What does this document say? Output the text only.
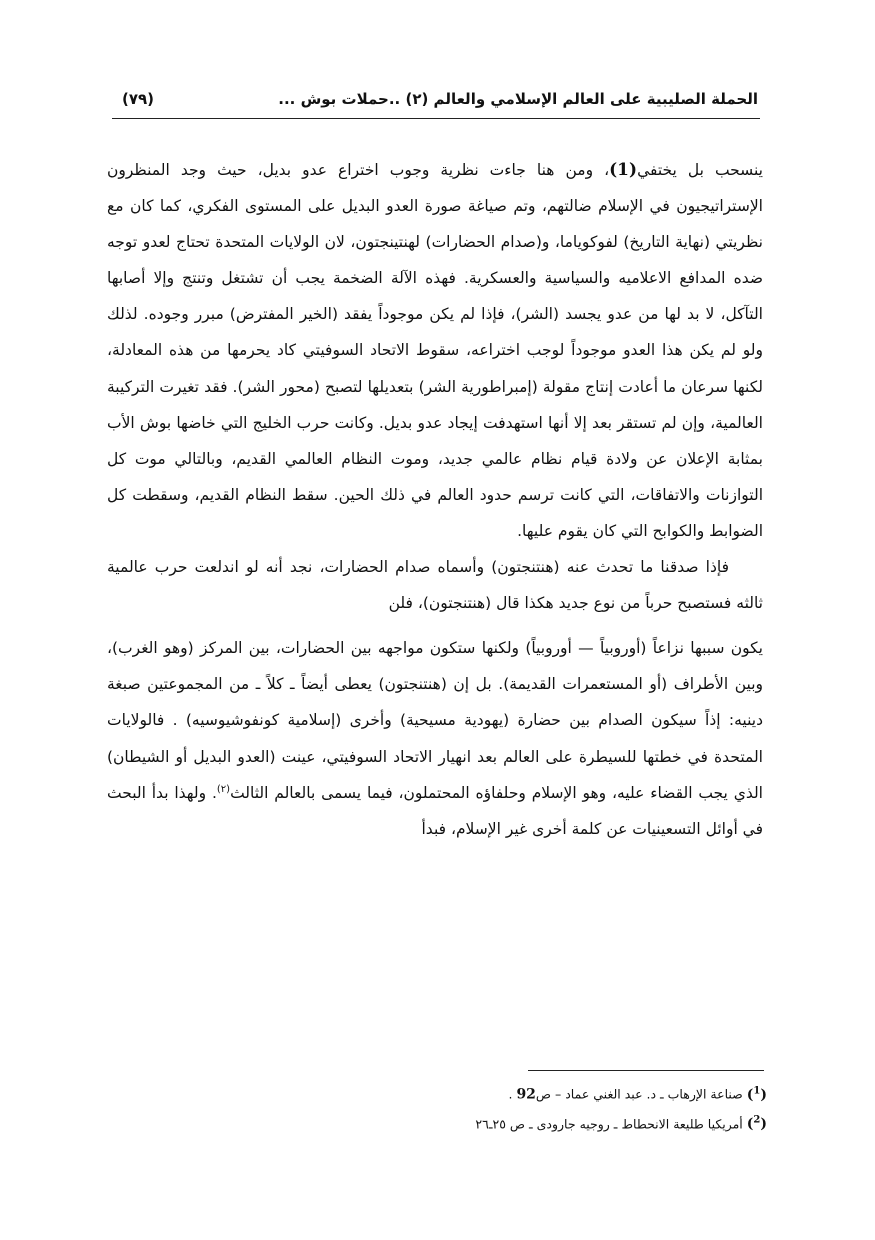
الحملة الصليبية على العالم الإسلامي والعالم (٢) ..حملات بوش ...
(٧٩)

ينسحب بل يختفي(1)، ومن هنا جاءت نظرية وجوب اختراع عدو بديل، حيث وجد المنظرون الإستراتيجيون في الإسلام ضالتهم، وتم صياغة صورة العدو البديل على المستوى الفكري، كما كان مع نظريتي (نهاية التاريخ) لفوكوياما، و(صدام الحضارات) لهنتينجتون، لان الولايات المتحدة تحتاج لعدو توجه ضده المدافع الاعلاميه والسياسية والعسكرية. فهذه الآلة الضخمة يجب أن تشتغل وتنتج وإلا أصابها التآكل، لا بد لها من عدو يجسد (الشر)، فإذا لم يكن موجوداً يفقد (الخير المفترض) مبرر وجوده. لذلك ولو لم يكن هذا العدو موجوداً لوجب اختراعه، سقوط الاتحاد السوفيتي كاد يحرمها من هذه المعادلة، لكنها سرعان ما أعادت إنتاج مقولة (إمبراطورية الشر) بتعديلها لتصبح (محور الشر). فقد تغيرت التركيبة العالمية، وإن لم تستقر بعد إلا أنها استهدفت إيجاد عدو بديل. وكانت حرب الخليج التي خاضها بوش الأب بمثابة الإعلان عن ولادة قيام نظام عالمي جديد، وموت النظام العالمي القديم، وبالتالي موت كل التوازنات والاتفاقات، التي كانت ترسم حدود العالم في ذلك الحين. سقط النظام القديم، وسقطت كل الضوابط والكوابح التي كان يقوم عليها.

فإذا صدقنا ما تحدث عنه (هنتنجتون) وأسماه صدام الحضارات، نجد أنه لو اندلعت حرب عالمية ثالثه فستصبح حرباً من نوع جديد هكذا قال (هنتنجتون)، فلن

يكون سببها نزاعاً (أوروبياً — أوروبياً) ولكنها ستكون مواجهه بين الحضارات، بين المركز (وهو الغرب)، وبين الأطراف (أو المستعمرات القديمة). بل إن (هنتنجتون) يعطى أيضاً ـ كلاً ـ من المجموعتين صبغة دينيه: إذاً سيكون الصدام بين حضارة (يهودية مسيحية) وأخرى (إسلامية كونفوشيوسيه) . فالولايات المتحدة في خطتها للسيطرة على العالم بعد انهيار الاتحاد السوفيتي، عينت (العدو البديل أو الشيطان) الذي يجب القضاء عليه، وهو الإسلام وحلفاؤه المحتملون، فيما يسمى بالعالم الثالث$^{(٢)}$. ولهذا بدأ البحث في أوائل التسعينيات عن كلمة أخرى غير الإسلام، فبدأ

($^1$) صناعة الإرهاب ـ د. عبد الغني عماد – ص92 .
($^2$) أمريكيا طليعة الانحطاط ـ روجيه جارودى ـ ص ٢٥ـ٢٦
